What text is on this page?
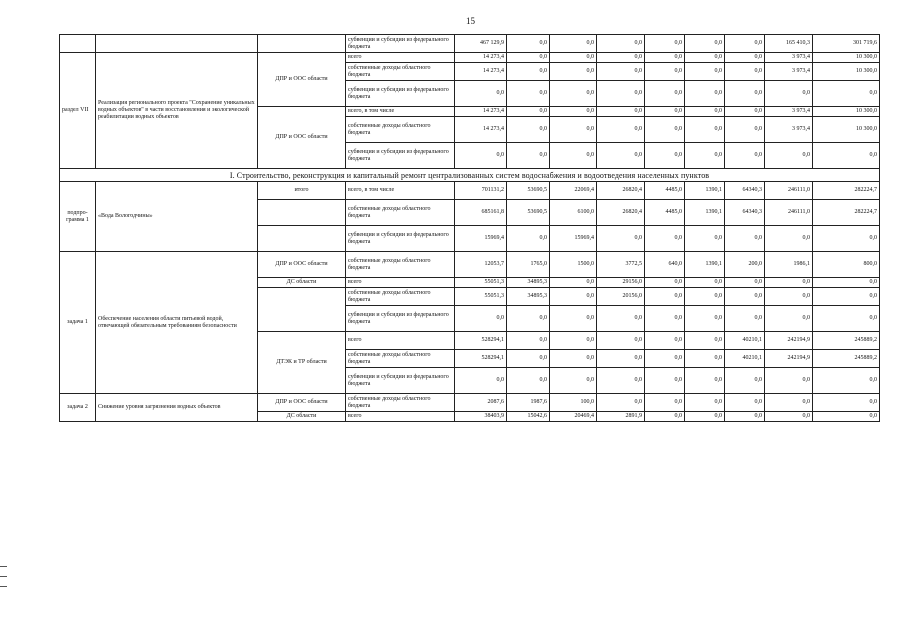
15
			субвенции и субсидии из федерального бюджета	467 129,9	0,0	0,0	0,0	0,0	0,0	0,0	165 410,3	301 719,6
раздел VII	Реализация регионального проекта "Сохранение уникальных водных объектов" в части восстановления и экологической реабилитации водных объектов	ДПР и ООС области	всего	14 273,4	0,0	0,0	0,0	0,0	0,0	0,0	3 973,4	10 300,0
			собственные доходы областного бюджета	14 273,4	0,0	0,0	0,0	0,0	0,0	0,0	3 973,4	10 300,0
			субвенции и субсидии из федерального бюджета	0,0	0,0	0,0	0,0	0,0	0,0	0,0	0,0	0,0
		ДПР и ООС области	всего, в том числе	14 273,4	0,0	0,0	0,0	0,0	0,0	0,0	3 973,4	10 300,0
			собственные доходы областного бюджета	14 273,4	0,0	0,0	0,0	0,0	0,0	0,0	3 973,4	10 300,0
			субвенции и субсидии из федерального бюджета	0,0	0,0	0,0	0,0	0,0	0,0	0,0	0,0	0,0
I. Строительство, реконструкция и капитальный ремонт централизованных систем водоснабжения и водоотведения населенных пунктов												
подпро-грамма 1	«Вода Вологодчины»	итого	всего, в том числе	701131,2	53690,5	22069,4	26820,4	4485,0	1390,1	64340,3	246111,0	282224,7
			собственные доходы областного бюджета	685161,8	53690,5	6100,0	26820,4	4485,0	1390,1	64340,3	246111,0	282224,7
			субвенции и субсидии из федерального бюджета	15969,4	0,0	15969,4	0,0	0,0	0,0	0,0	0,0	0,0
задача 1	Обеспечение населения области питьевой водой, отвечающей обязательным требованиям безопасности	ДПР и ООС области	собственные доходы областного бюджета	12053,7	1765,0	1500,0	3772,5	640,0	1390,1	200,0	1986,1	800,0
		ДС области	всего	55051,3	34895,3	0,0	29156,0	0,0	0,0	0,0	0,0	0,0
			собственные доходы областного бюджета	55051,3	34895,3	0,0	20156,0	0,0	0,0	0,0	0,0	0,0
			субвенции и субсидии из федерального бюджета	0,0	0,0	0,0	0,0	0,0	0,0	0,0	0,0	0,0
		ДТЭК и ТР области	всего	528294,1	0,0	0,0	0,0	0,0	0,0	40210,1	242194,9	245889,2
			собственные доходы областного бюджета	528294,1	0,0	0,0	0,0	0,0	0,0	40210,1	242194,9	245889,2
			субвенции и субсидии из федерального бюджета	0,0	0,0	0,0	0,0	0,0	0,0	0,0	0,0	0,0
задача 2	Снижение уровня загрязнения водных объектов	ДПР и ООС области	собственные доходы областного бюджета	2087,6	1987,6	100,0	0,0	0,0	0,0	0,0	0,0	0,0
		ДС области	всего	38403,9	15042,6	20469,4	2891,9	0,0	0,0	0,0	0,0	0,0
